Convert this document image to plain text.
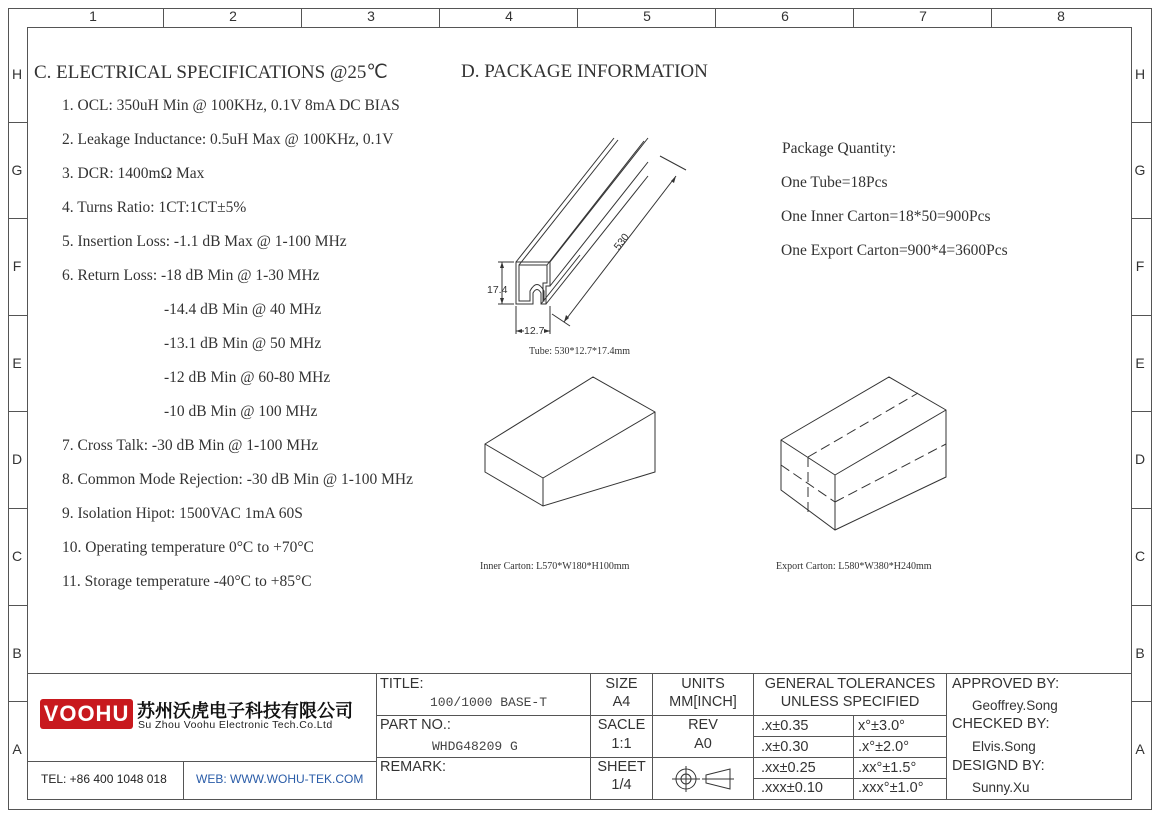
1	2	3	4	5	6	7	8
H
G
F
E
D
C
B
A
H
G
F
E
D
C
B
A
C. ELECTRICAL SPECIFICATIONS @25℃
1. OCL: 350uH Min @ 100KHz, 0.1V 8mA DC BIAS
2. Leakage Inductance: 0.5uH Max @ 100KHz, 0.1V
3. DCR: 1400mΩ Max
4. Turns Ratio: 1CT:1CT±5%
5. Insertion Loss: -1.1 dB Max @ 1-100 MHz
6. Return Loss: -18 dB Min @ 1-30 MHz
-14.4 dB Min @ 40 MHz
-13.1 dB Min @ 50 MHz
-12 dB Min @ 60-80 MHz
-10 dB Min @ 100 MHz
7. Cross Talk: -30 dB Min @ 1-100 MHz
8. Common Mode Rejection: -30 dB Min @ 1-100 MHz
9. Isolation Hipot: 1500VAC 1mA 60S
10. Operating temperature 0°C to +70°C
11. Storage temperature -40°C to +85°C
D. PACKAGE INFORMATION
Package Quantity:
One Tube=18Pcs
One Inner Carton=18*50=900Pcs
One Export Carton=900*4=3600Pcs
530
17.4
12.7
Tube: 530*12.7*17.4mm
Inner Carton: L570*W180*H100mm	Export Carton: L580*W380*H240mm
VOOHU 苏州沃虎电子科技有限公司
Su Zhou Voohu Electronic Tech.Co.Ltd
TEL: +86 400 1048 018 WEB: WWW.WOHU-TEK.COM
TITLE:
100/1000 BASE-T
PART NO.:
WHDG48209 G
REMARK:
SIZE
A4
SACLE
1:1
SHEET
1/4
UNITS
MM[INCH]
REV
A0
GENERAL TOLERANCES
UNLESS SPECIFIED
.x±0.35	x°±3.0°
.x±0.30	.x°±2.0°
.xx±0.25	.xx°±1.5°
.xxx±0.10 .xxx°±1.0°
APPROVED BY:
Geoffrey.Song
CHECKED BY:
Elvis.Song
DESIGND BY:
Sunny.Xu
